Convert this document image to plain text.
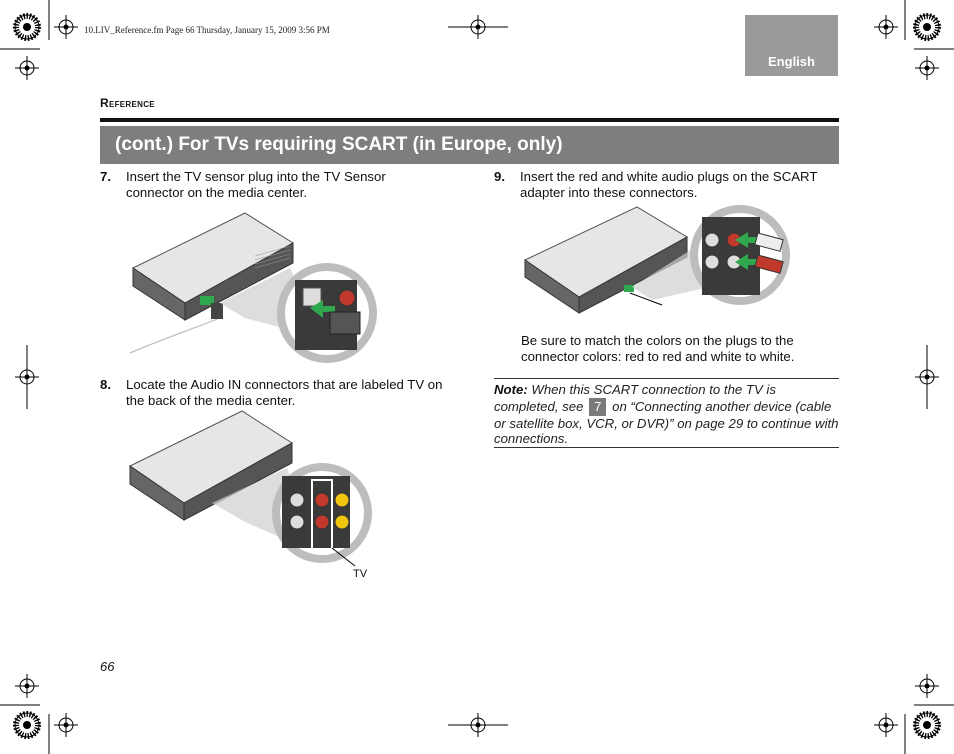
10.LIV_Reference.fm Page 66 Thursday, January 15, 2009 3:56 PM
English
Reference
(cont.) For TVs requiring SCART (in Europe, only)
7. Insert the TV sensor plug into the TV Sensor connector on the media center.
8. Locate the Audio IN connectors that are labeled TV on the back of the media center.
TV
9. Insert the red and white audio plugs on the SCART adapter into these connectors.
Be sure to match the colors on the plugs to the connector colors: red to red and white to white.
Note: When this SCART connection to the TV is completed, see 7 on “Connecting another device (cable or satellite box, VCR, or DVR)” on page 29 to continue with connections.
66
